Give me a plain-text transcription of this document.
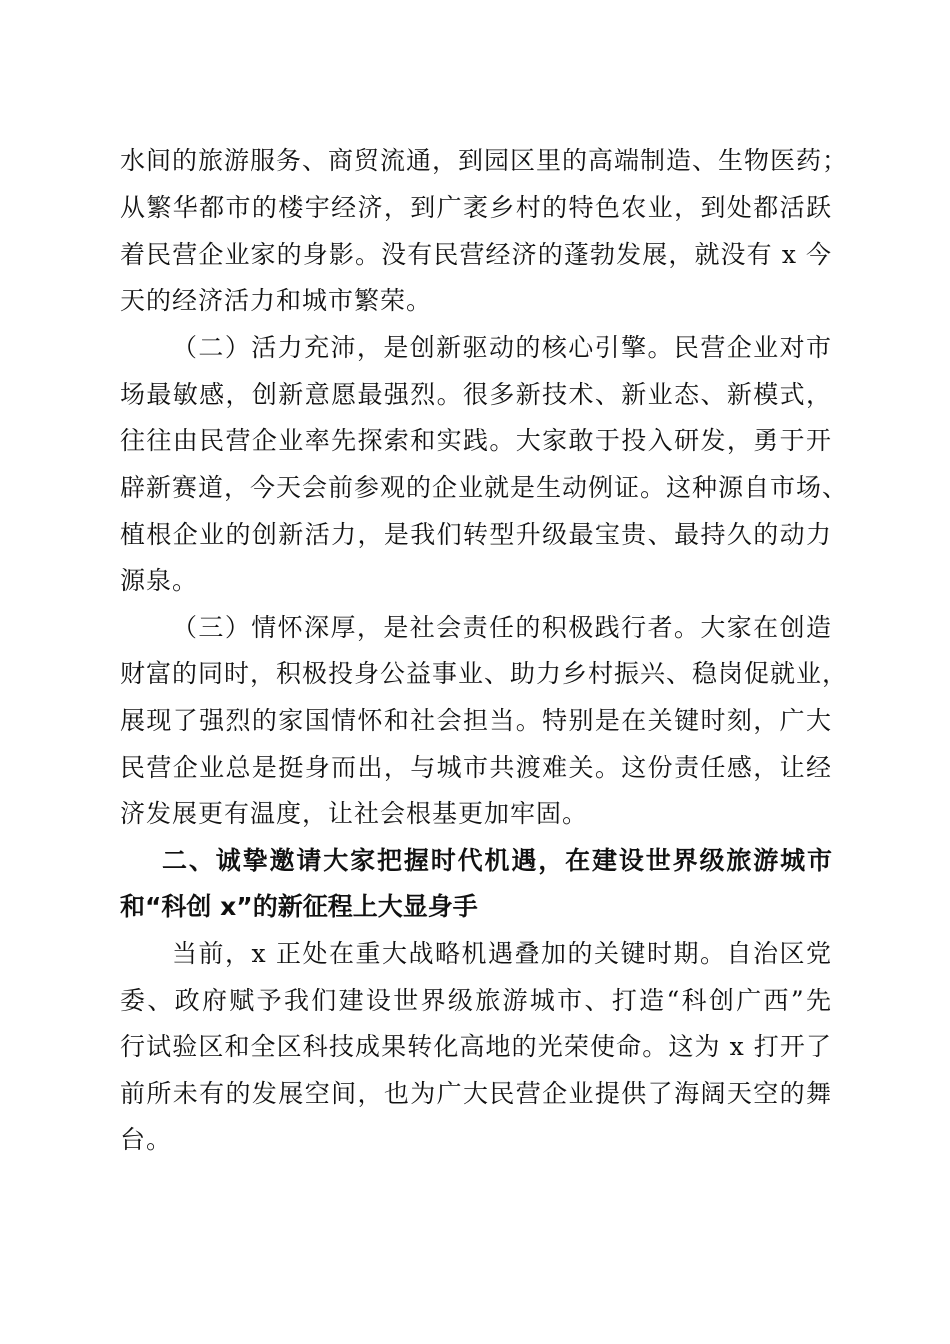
水间的旅游服务、商贸流通，到园区里的高端制造、生物医药；
从繁华都市的楼宇经济，到广袤乡村的特色农业，到处都活跃
着民营企业家的身影。没有民营经济的蓬勃发展，就没有 x 今
天的经济活力和城市繁荣。
（二）活力充沛，是创新驱动的核心引擎。民营企业对市
场最敏感，创新意愿最强烈。很多新技术、新业态、新模式，
往往由民营企业率先探索和实践。大家敢于投入研发，勇于开
辟新赛道，今天会前参观的企业就是生动例证。这种源自市场、
植根企业的创新活力，是我们转型升级最宝贵、最持久的动力
源泉。
（三）情怀深厚，是社会责任的积极践行者。大家在创造
财富的同时，积极投身公益事业、助力乡村振兴、稳岗促就业，
展现了强烈的家国情怀和社会担当。特别是在关键时刻，广大
民营企业总是挺身而出，与城市共渡难关。这份责任感，让经
济发展更有温度，让社会根基更加牢固。
二、诚挚邀请大家把握时代机遇，在建设世界级旅游城市
和“科创 x”的新征程上大显身手
当前，x 正处在重大战略机遇叠加的关键时期。自治区党
委、政府赋予我们建设世界级旅游城市、打造“科创广西”先
行试验区和全区科技成果转化高地的光荣使命。这为 x 打开了
前所未有的发展空间，也为广大民营企业提供了海阔天空的舞
台。
